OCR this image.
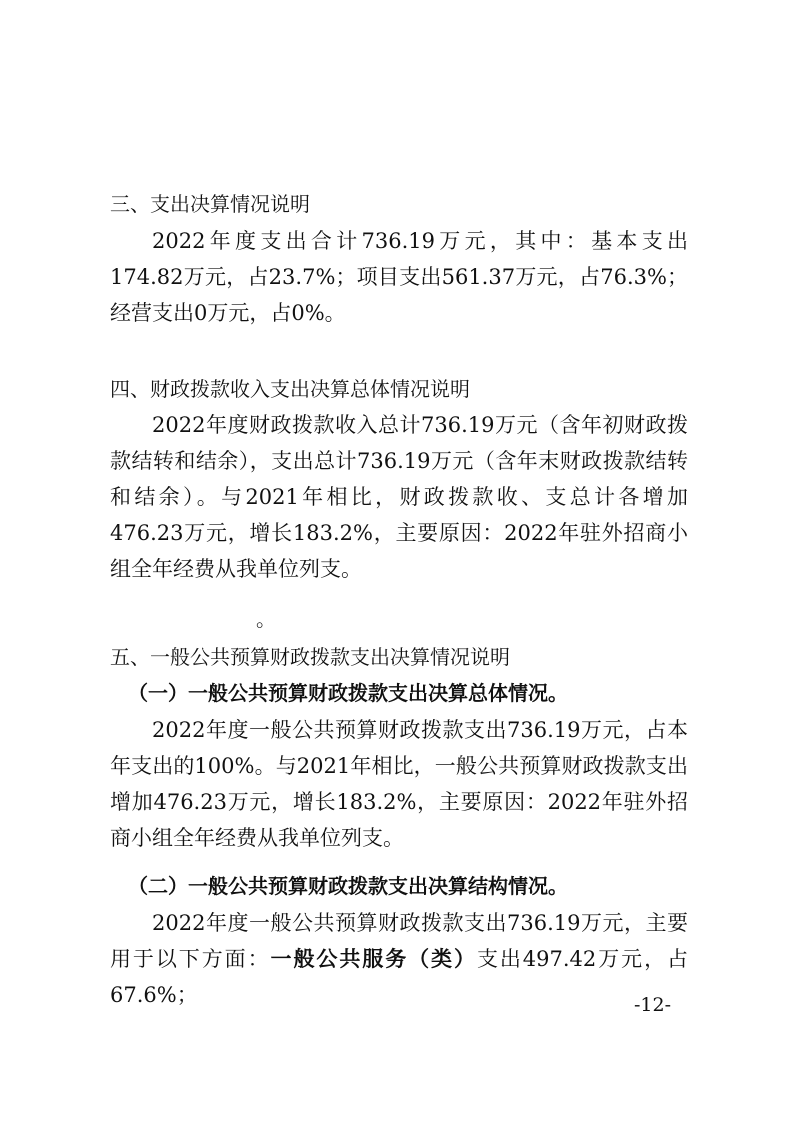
三、支出决算情况说明

2022年度支出合计736.19万元，其中：基本支出174.82万元，占23.7%；项目支出561.37万元，占76.3%；经营支出0万元，占0%。

四、财政拨款收入支出决算总体情况说明

2022年度财政拨款收入总计736.19万元（含年初财政拨款结转和结余），支出总计736.19万元（含年末财政拨款结转和结余）。与2021年相比，财政拨款收、支总计各增加476.23万元，增长183.2%，主要原因：2022年驻外招商小组全年经费从我单位列支。

。
五、一般公共预算财政拨款支出决算情况说明
（一）一般公共预算财政拨款支出决算总体情况。

2022年度一般公共预算财政拨款支出736.19万元，占本年支出的100%。与2021年相比，一般公共预算财政拨款支出增加476.23万元，增长183.2%，主要原因：2022年驻外招商小组全年经费从我单位列支。

（二）一般公共预算财政拨款支出决算结构情况。

2022年度一般公共预算财政拨款支出736.19万元，主要用于以下方面：一般公共服务（类）支出497.42万元，占67.6%；	-12-
